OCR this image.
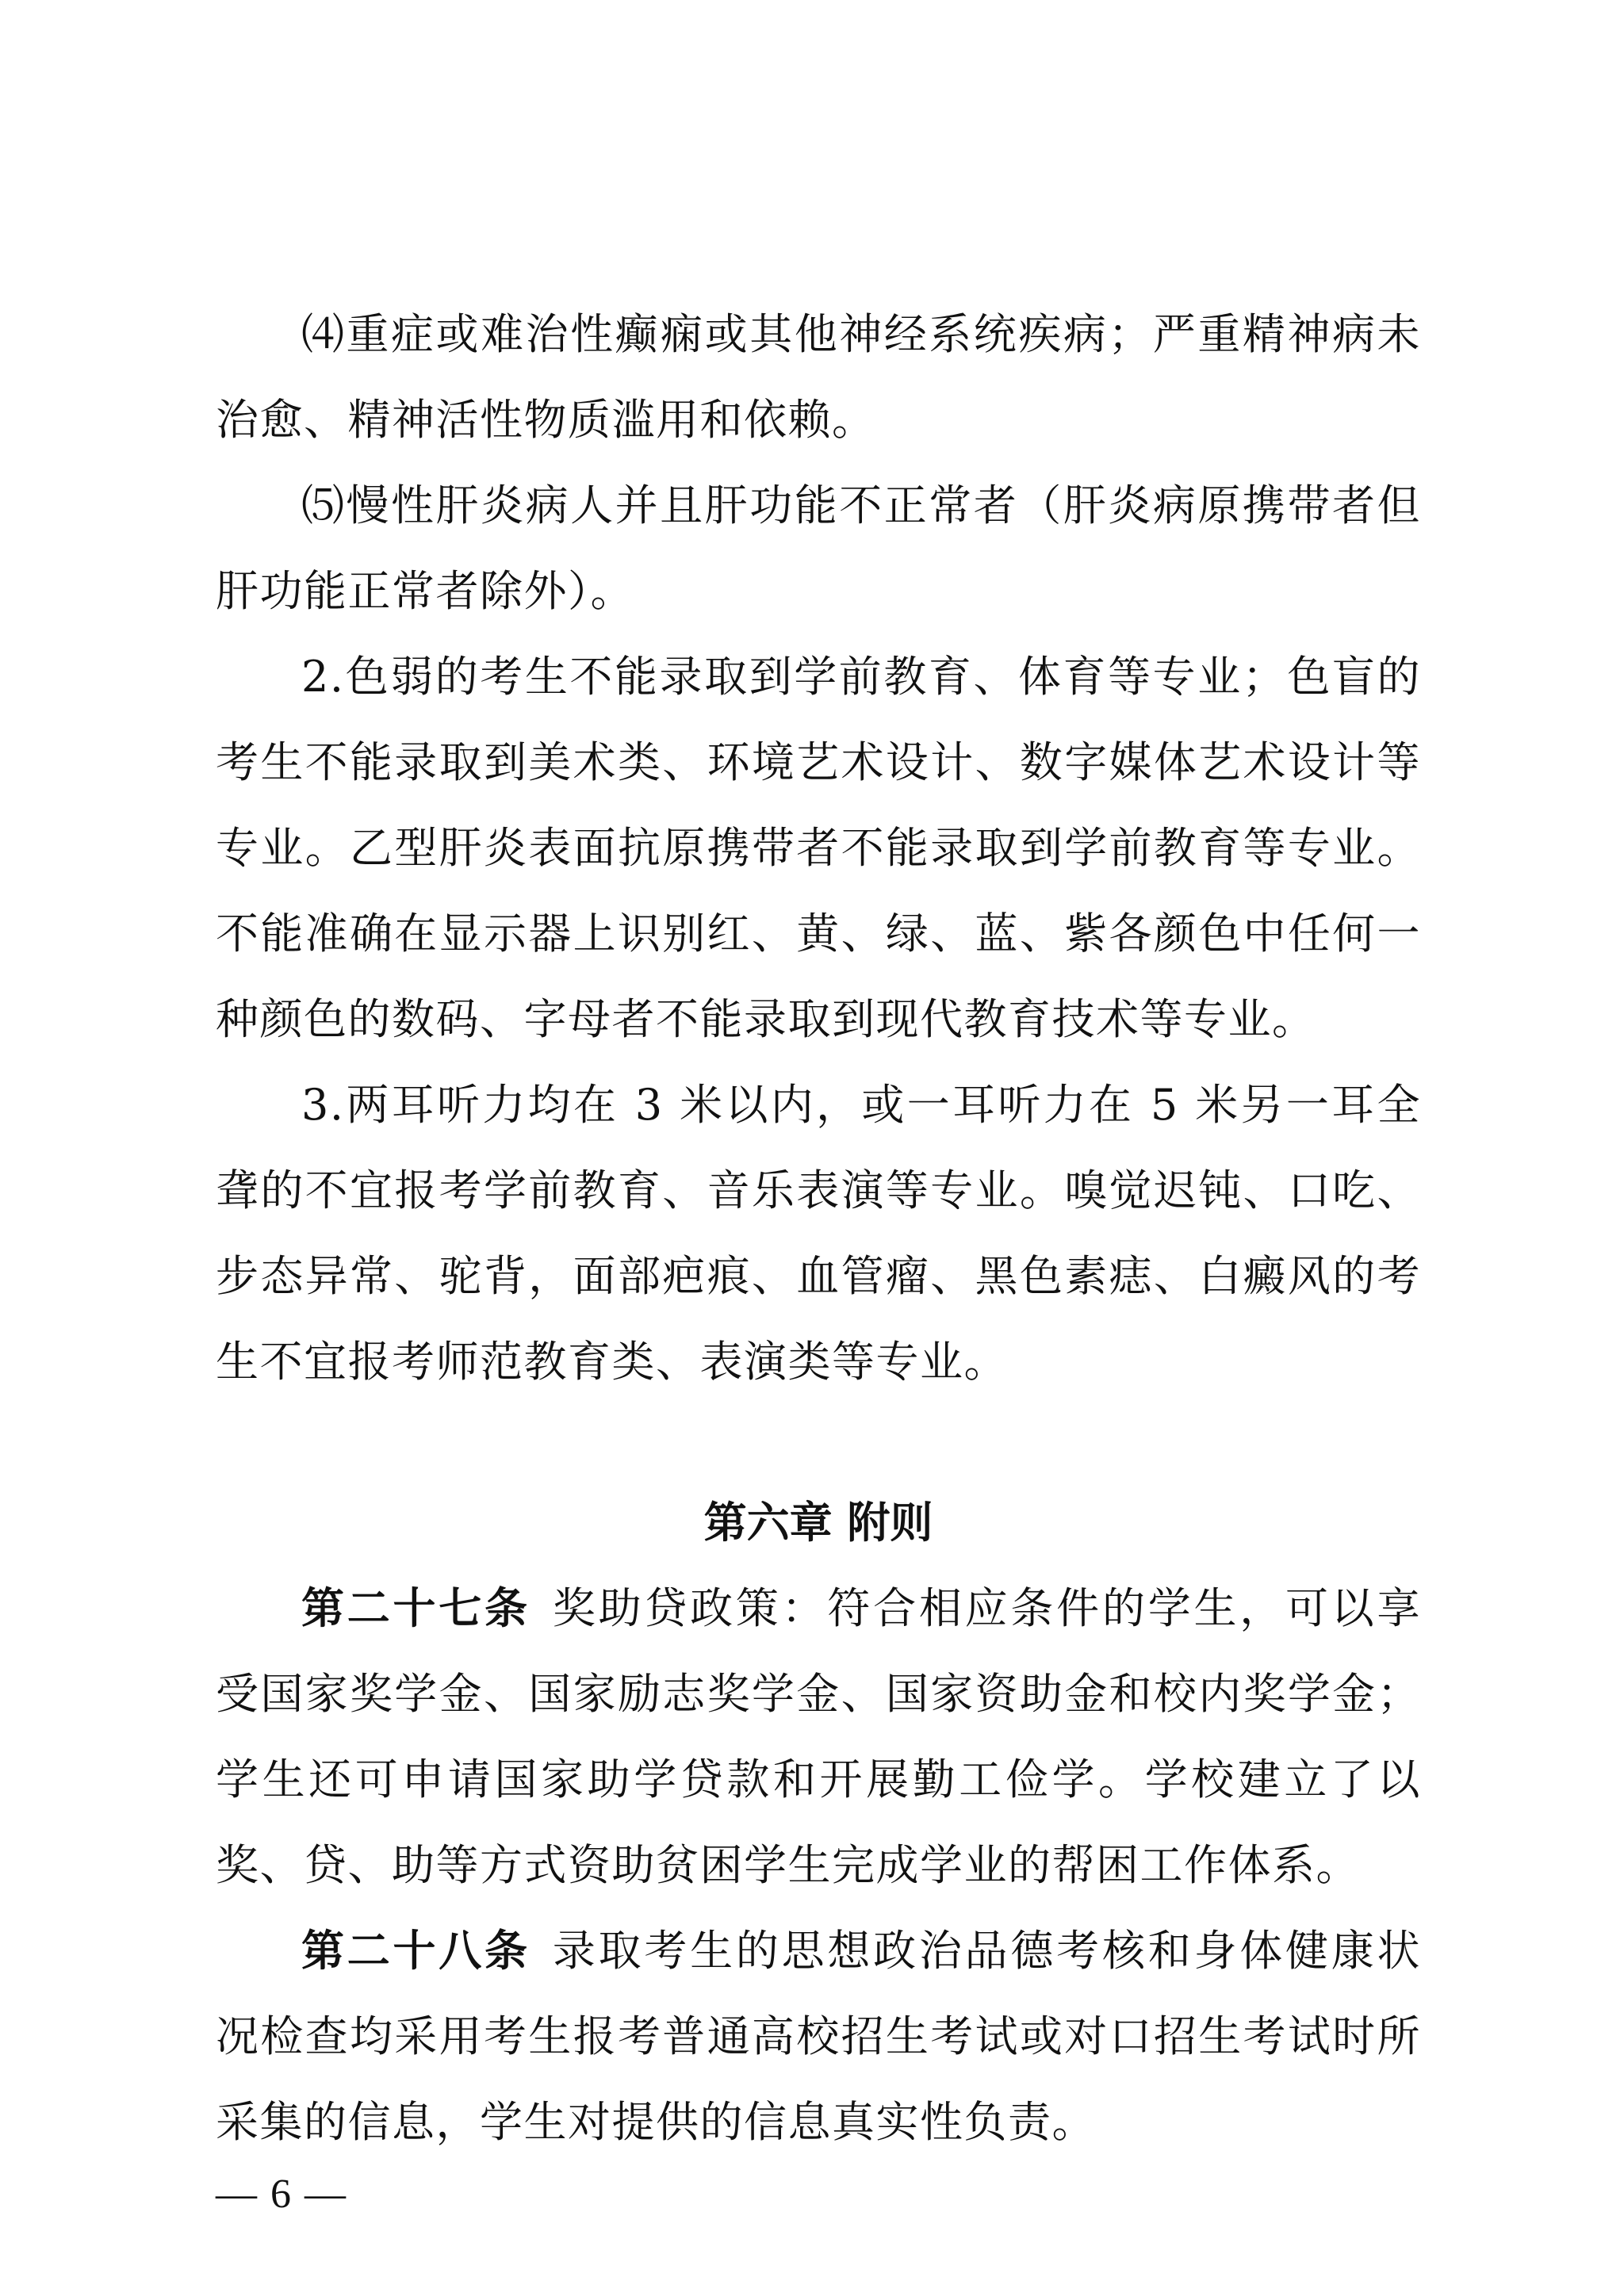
⑷重症或难治性癫痫或其他神经系统疾病；严重精神病未治愈、精神活性物质滥用和依赖。

⑸慢性肝炎病人并且肝功能不正常者（肝炎病原携带者但肝功能正常者除外）。

2.色弱的考生不能录取到学前教育、体育等专业；色盲的考生不能录取到美术类、环境艺术设计、数字媒体艺术设计等专业。乙型肝炎表面抗原携带者不能录取到学前教育等专业。不能准确在显示器上识别红、黄、绿、蓝、紫各颜色中任何一种颜色的数码、字母者不能录取到现代教育技术等专业。

3.两耳听力均在 3 米以内，或一耳听力在 5 米另一耳全聋的不宜报考学前教育、音乐表演等专业。嗅觉迟钝、口吃、步态异常、驼背，面部疤痕、血管瘤、黑色素痣、白癜风的考生不宜报考师范教育类、表演类等专业。

第六章 附则

第二十七条 奖助贷政策：符合相应条件的学生，可以享受国家奖学金、国家励志奖学金、国家资助金和校内奖学金；学生还可申请国家助学贷款和开展勤工俭学。学校建立了以奖、贷、助等方式资助贫困学生完成学业的帮困工作体系。

第二十八条 录取考生的思想政治品德考核和身体健康状况检查均采用考生报考普通高校招生考试或对口招生考试时所采集的信息，学生对提供的信息真实性负责。

— 6 —
